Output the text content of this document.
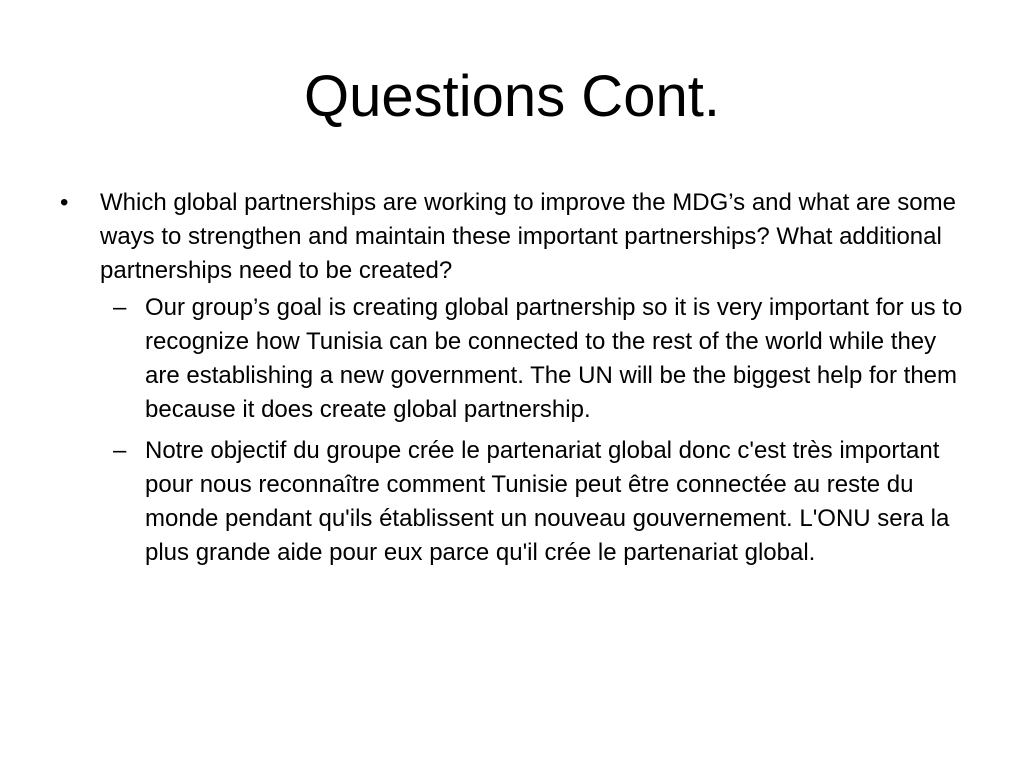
Questions Cont.
• Which global partnerships are working to improve the MDG’s and what are some ways to strengthen and maintain these important partnerships? What additional partnerships need to be created?
– Our group’s goal is creating global partnership so it is very important for us to recognize how Tunisia can be connected to the rest of the world while they are establishing a new government. The UN will be the biggest help for them because it does create global partnership.
– Notre objectif du groupe crée le partenariat global donc c'est très important pour nous reconnaître comment Tunisie peut être connectée au reste du monde pendant qu'ils établissent un nouveau gouvernement. L'ONU sera la plus grande aide pour eux parce qu'il crée le partenariat global.
